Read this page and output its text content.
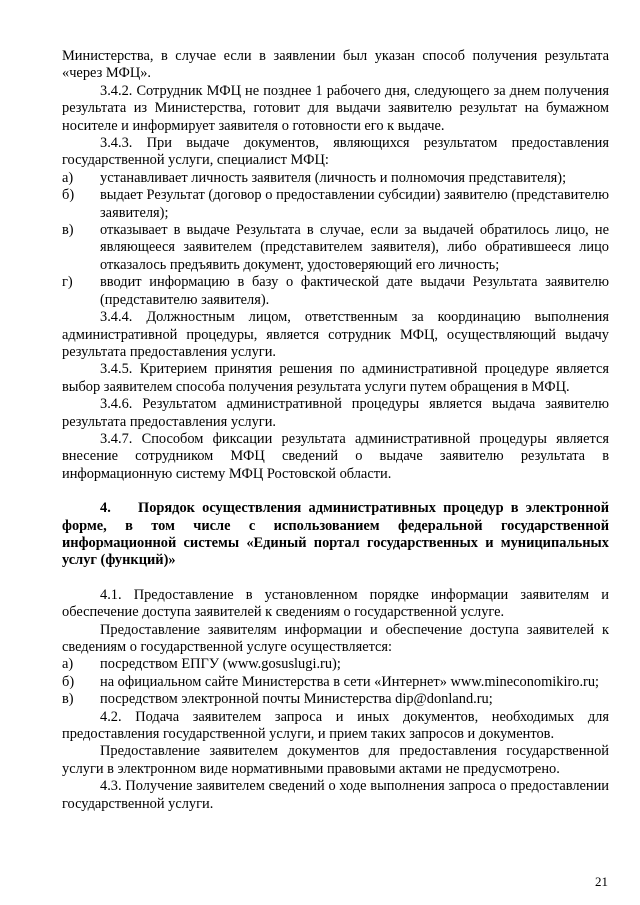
Министерства, в случае если в заявлении был указан способ получения результата «через МФЦ».

3.4.2. Сотрудник МФЦ не позднее 1 рабочего дня, следующего за днем получения результата из Министерства, готовит для выдачи заявителю результат на бумажном носителе и информирует заявителя о готовности его к выдаче.

3.4.3. При выдаче документов, являющихся результатом предоставления государственной услуги, специалист МФЦ:

а)	устанавливает личность заявителя (личность и полномочия представителя);
б)	выдает Результат (договор о предоставлении субсидии) заявителю (представителю заявителя);
в)	отказывает в выдаче Результата в случае, если за выдачей обратилось лицо, не являющееся заявителем (представителем заявителя), либо обратившееся лицо отказалось предъявить документ, удостоверяющий его личность;
г)	вводит информацию в базу о фактической дате выдачи Результата заявителю (представителю заявителя).

3.4.4. Должностным лицом, ответственным за координацию выполнения административной процедуры, является сотрудник МФЦ, осуществляющий выдачу результата предоставления услуги.

3.4.5. Критерием принятия решения по административной процедуре является выбор заявителем способа получения результата услуги путем обращения в МФЦ.

3.4.6. Результатом административной процедуры является выдача заявителю результата предоставления услуги.

3.4.7. Способом фиксации результата административной процедуры является внесение сотрудником МФЦ сведений о выдаче заявителю результата в информационную систему МФЦ Ростовской области.

4. Порядок осуществления административных процедур в электронной форме, в том числе с использованием федеральной государственной информационной системы «Единый портал государственных и муниципальных услуг (функций)»

4.1. Предоставление в установленном порядке информации заявителям и обеспечение доступа заявителей к сведениям о государственной услуге.

Предоставление заявителям информации и обеспечение доступа заявителей к сведениям о государственной услуге осуществляется:

а)	посредством ЕПГУ (www.gosuslugi.ru);
б)	на официальном сайте Министерства в сети «Интернет» www.mineconomikiro.ru;
в)	посредством электронной почты Министерства dip@donland.ru;

4.2. Подача заявителем запроса и иных документов, необходимых для предоставления государственной услуги, и прием таких запросов и документов.

Предоставление заявителем документов для предоставления государственной услуги в электронном виде нормативными правовыми актами не предусмотрено.

4.3. Получение заявителем сведений о ходе выполнения запроса о предоставлении государственной услуги.

21
